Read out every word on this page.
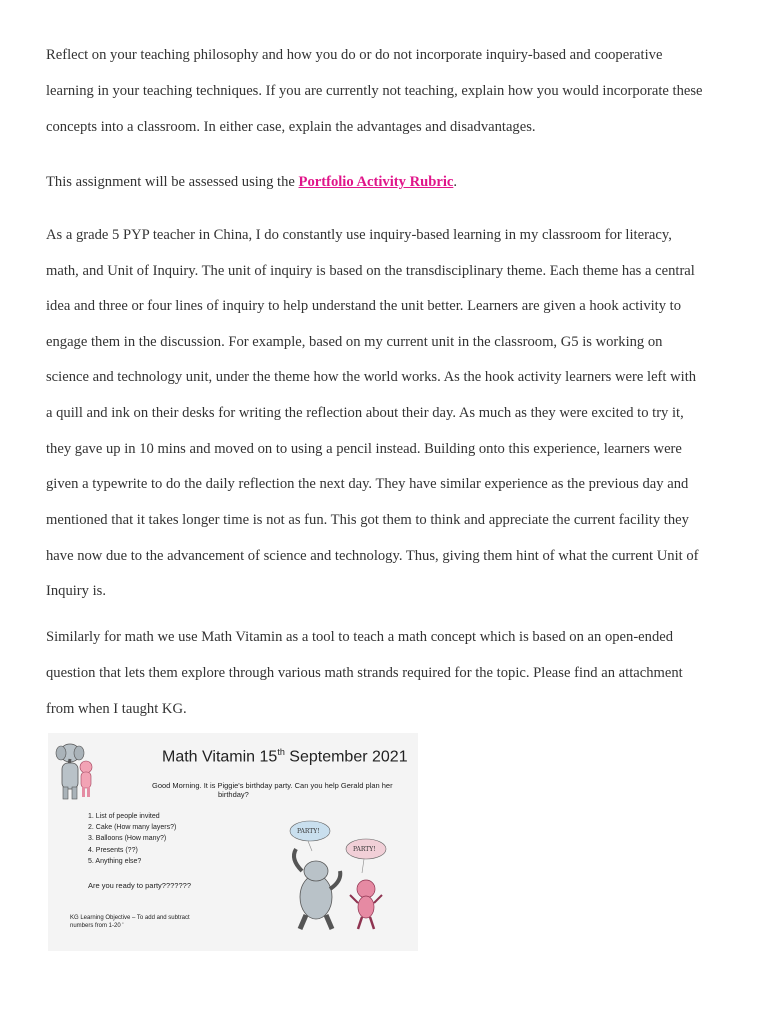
Reflect on your teaching philosophy and how you do or do not incorporate inquiry-based and cooperative
learning in your teaching techniques. If you are currently not teaching, explain how you would incorporate these
concepts into a classroom. In either case, explain the advantages and disadvantages.
This assignment will be assessed using the Portfolio Activity Rubric.
As a grade 5 PYP teacher in China, I do constantly use inquiry-based learning in my classroom for literacy,
math, and Unit of Inquiry. The unit of inquiry is based on the transdisciplinary theme. Each theme has a central
idea and three or four lines of inquiry to help understand the unit better. Learners are given a hook activity to
engage them in the discussion. For example, based on my current unit in the classroom, G5 is working on
science and technology unit, under the theme how the world works. As the hook activity learners were left with
a quill and ink on their desks for writing the reflection about their day. As much as they were excited to try it,
they gave up in 10 mins and moved on to using a pencil instead. Building onto this experience, learners were
given a typewrite to do the daily reflection the next day. They have similar experience as the previous day and
mentioned that it takes longer time is not as fun. This got them to think and appreciate the current facility they
have now due to the advancement of science and technology. Thus, giving them hint of what the current Unit of
Inquiry is.
Similarly for math we use Math Vitamin as a tool to teach a math concept which is based on an open-ended
question that lets them explore through various math strands required for the topic. Please find an attachment
from when I taught KG.
Math Vitamin 15th September 2021
Good Morning. It is Piggie's birthday party. Can you help Gerald plan her
birthday?
1. List of people invited
2. Cake (How many layers?)
3. Balloons (How many?)
4. Presents (??)
5. Anything else?
Are you ready to party???????
KG Learning Objective – To add and subtract
numbers from 1-20 '
PARTY!
PARTY!
